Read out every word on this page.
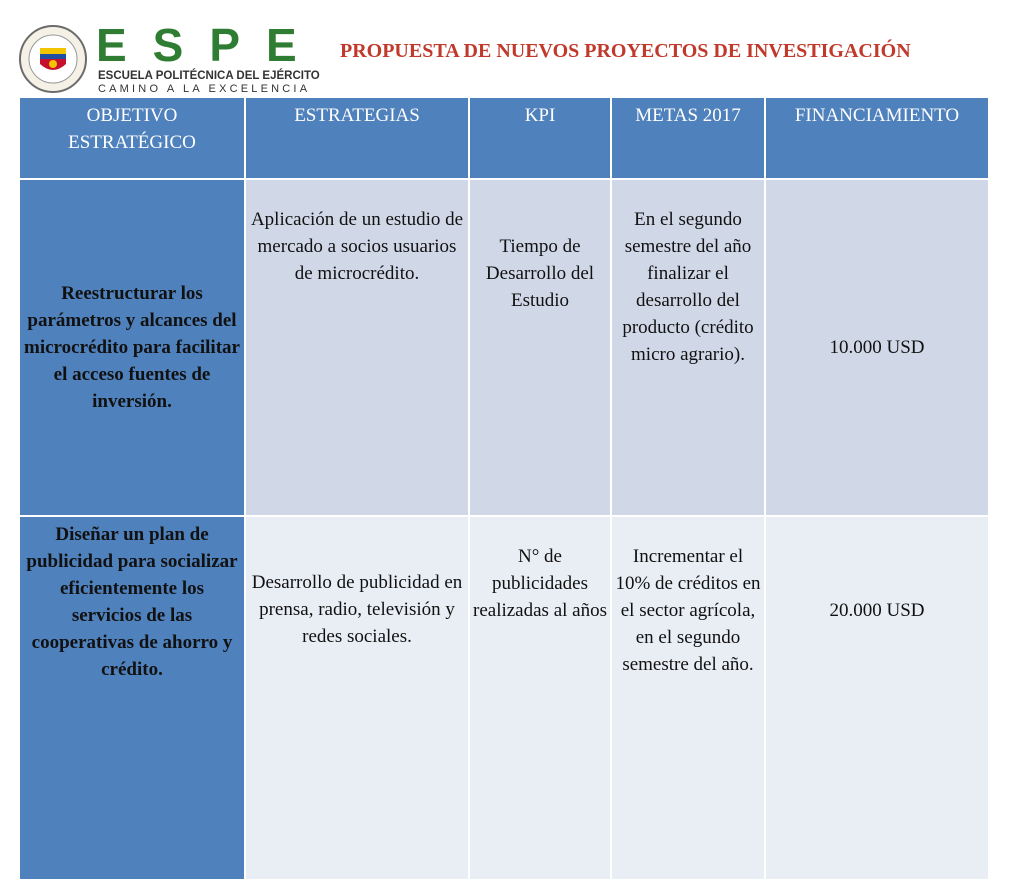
ESPE
ESCUELA POLITÉCNICA DEL EJÉRCITO
CAMINO A LA EXCELENCIA
PROPUESTA DE NUEVOS PROYECTOS DE INVESTIGACIÓN
OBJETIVO ESTRATÉGICO	ESTRATEGIAS	KPI	METAS 2017	FINANCIAMIENTO
Reestructurar los parámetros y alcances del microcrédito para facilitar el acceso fuentes de inversión.	Aplicación de un estudio de mercado a socios usuarios de microcrédito.	Tiempo de Desarrollo del Estudio	En el segundo semestre del año finalizar el desarrollo del producto (crédito micro agrario).	10.000 USD
Diseñar un plan de publicidad para socializar eficientemente los servicios de las cooperativas de ahorro y crédito.	Desarrollo de publicidad en prensa, radio, televisión y redes sociales.	N° de publicidades realizadas al años	Incrementar el 10% de créditos en el sector agrícola, en el segundo semestre del año.	20.000 USD
